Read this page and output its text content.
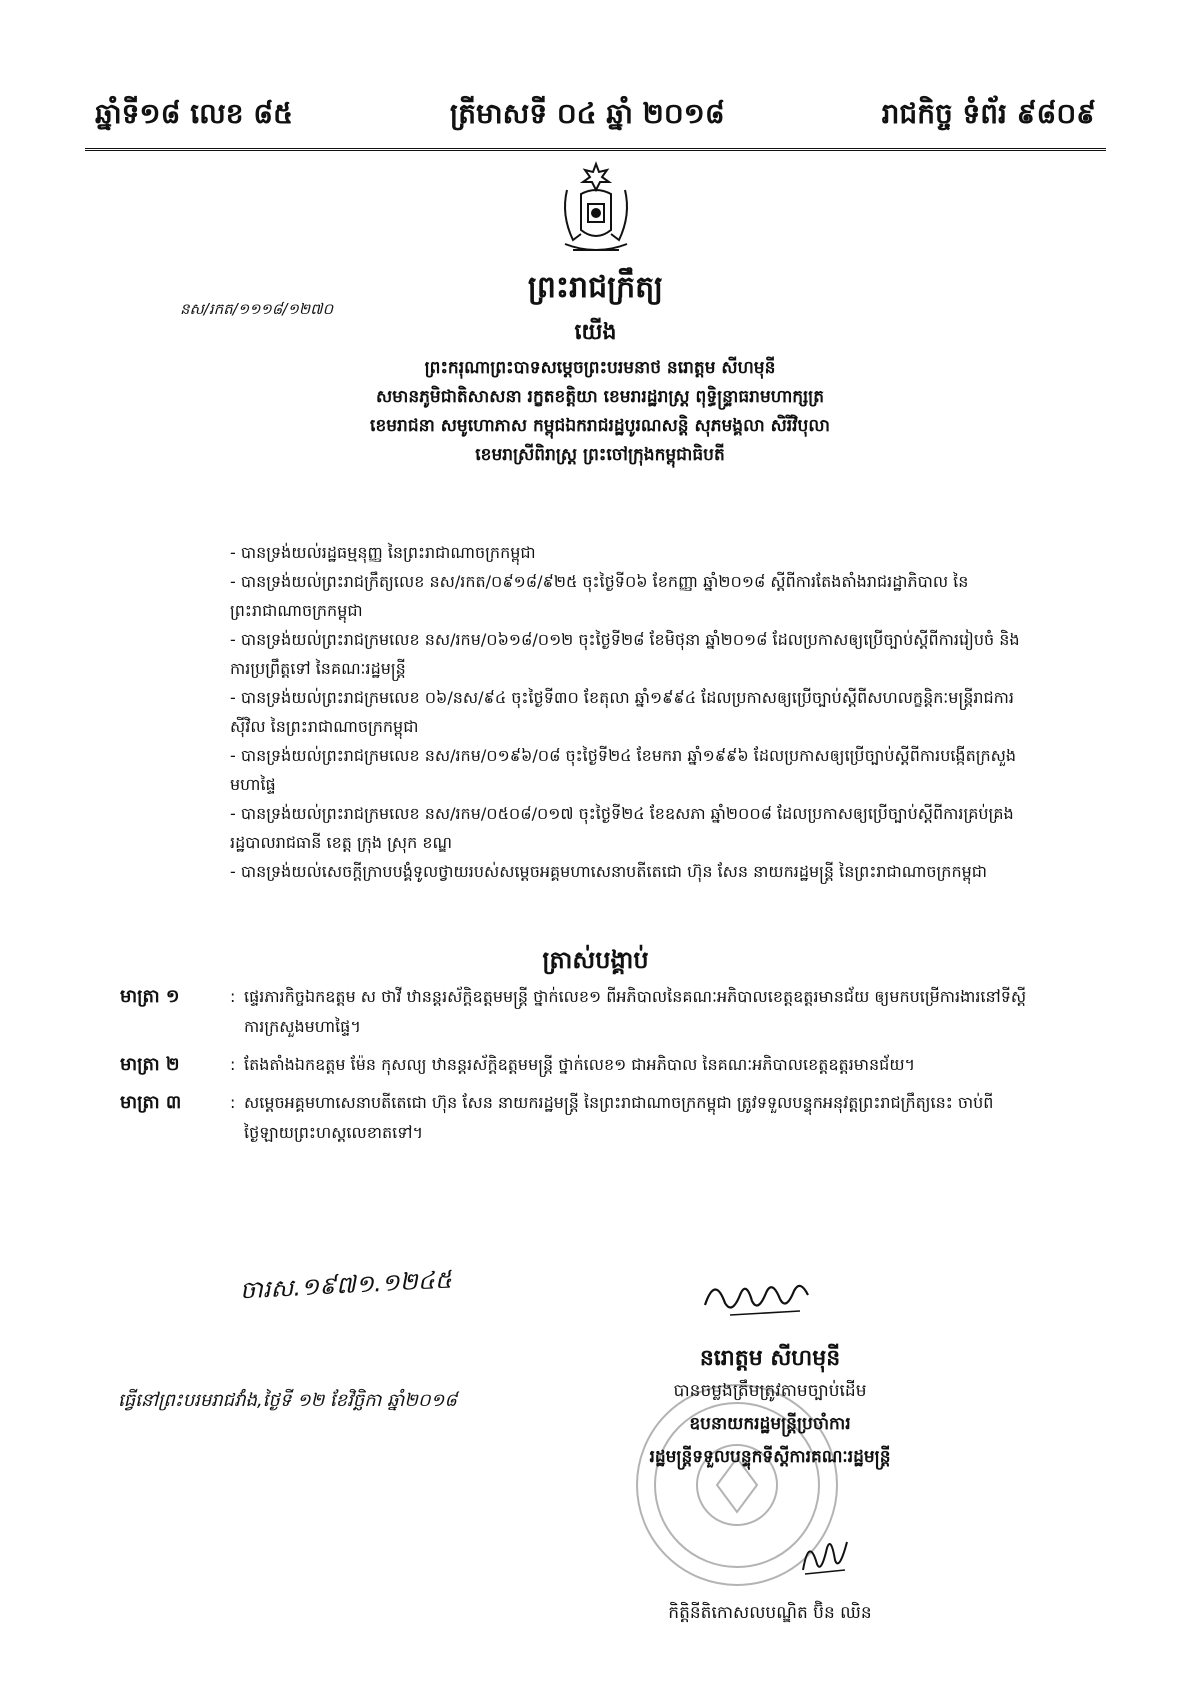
ឆ្នាំទី១៨ លេខ ៨៥	ត្រីមាសទី ០៤ ឆ្នាំ ២០១៨	រាជកិច្ច ទំព័រ ៩៨០៩
នស/រកត/១១១៨/១២៧០
ព្រះរាជក្រឹត្យ
យើង
ព្រះករុណាព្រះបាទសម្តេចព្រះបរមនាថ នរោត្តម សីហមុនី
សមានភូមិជាតិសាសនា រក្ខតខត្តិយា ខេមរារដ្ឋរាស្ត្រ ពុទ្ធិន្ទ្រាធរាមហាក្សត្រ
ខេមរាជនា សមូហោភាស កម្ពុជឯករាជរដ្ឋបូរណសន្តិ សុភមង្គលា សិរីវិបុលា
ខេមរាស្រីពិរាស្ត្រ ព្រះចៅក្រុងកម្ពុជាធិបតី
- បានទ្រង់យល់រដ្ឋធម្មនុញ្ញ នៃព្រះរាជាណាចក្រកម្ពុជា
- បានទ្រង់យល់ព្រះរាជក្រឹត្យលេខ នស/រកត/០៩១៨/៩២៥ ចុះថ្ងៃទី០៦ ខែកញ្ញា ឆ្នាំ២០១៨ ស្តីពីការតែងតាំងរាជរដ្ឋាភិបាល នៃព្រះរាជាណាចក្រកម្ពុជា
- បានទ្រង់យល់ព្រះរាជក្រមលេខ នស/រកម/០៦១៨/០១២ ចុះថ្ងៃទី២៨ ខែមិថុនា ឆ្នាំ២០១៨ ដែលប្រកាសឲ្យប្រើច្បាប់ស្តីពីការរៀបចំ និងការប្រព្រឹត្តទៅ នៃគណៈរដ្ឋមន្ត្រី
- បានទ្រង់យល់ព្រះរាជក្រមលេខ ០៦/នស/៩៤ ចុះថ្ងៃទី៣០ ខែតុលា ឆ្នាំ១៩៩៤ ដែលប្រកាសឲ្យប្រើច្បាប់ស្តីពីសហលក្ខន្តិកៈមន្ត្រីរាជការស៊ីវិល នៃព្រះរាជាណាចក្រកម្ពុជា
- បានទ្រង់យល់ព្រះរាជក្រមលេខ នស/រកម/០១៩៦/០៨ ចុះថ្ងៃទី២៤ ខែមករា ឆ្នាំ១៩៩៦ ដែលប្រកាសឲ្យប្រើច្បាប់ស្តីពីការបង្កើតក្រសួងមហាផ្ទៃ
- បានទ្រង់យល់ព្រះរាជក្រមលេខ នស/រកម/០៥០៨/០១៧ ចុះថ្ងៃទី២៤ ខែឧសភា ឆ្នាំ២០០៨ ដែលប្រកាសឲ្យប្រើច្បាប់ស្តីពីការគ្រប់គ្រងរដ្ឋបាលរាជធានី ខេត្ត ក្រុង ស្រុក ខណ្ឌ
- បានទ្រង់យល់សេចក្តីក្រាបបង្គំទូលថ្វាយរបស់សម្តេចអគ្គមហាសេនាបតីតេជោ ហ៊ុន សែន នាយករដ្ឋមន្ត្រី នៃព្រះរាជាណាចក្រកម្ពុជា
ត្រាស់បង្គាប់
មាត្រា ១	: ផ្ទេរភារកិច្ចឯកឧត្តម ស ថាវី ឋានន្តរស័ក្តិឧត្តមមន្ត្រី ថ្នាក់លេខ១ ពីអភិបាលនៃគណៈអភិបាលខេត្តឧត្តរមានជ័យ ឲ្យមកបម្រើការងារនៅទីស្តីការក្រសួងមហាផ្ទៃ។
មាត្រា ២	: តែងតាំងឯកឧត្តម ម៉ែន កុសល្យ ឋានន្តរស័ក្តិឧត្តមមន្ត្រី ថ្នាក់លេខ១ ជាអភិបាល នៃគណៈអភិបាលខេត្តឧត្តរមានជ័យ។
មាត្រា ៣	: សម្តេចអគ្គមហាសេនាបតីតេជោ ហ៊ុន សែន នាយករដ្ឋមន្ត្រី នៃព្រះរាជាណាចក្រកម្ពុជា ត្រូវទទួលបន្ទុកអនុវត្តព្រះរាជក្រឹត្យនេះ ចាប់ពីថ្ងៃឡាយព្រះហស្តលេខាតទៅ។
ចារស.១៩៧១.១២៤៥
ធ្វើនៅព្រះបរមរាជវាំង,ថ្ងៃទី ១២ ខែវិច្ឆិកា ឆ្នាំ២០១៨
នរោត្តម សីហមុនី
បានចម្លងត្រឹមត្រូវតាមច្បាប់ដើម
ឧបនាយករដ្ឋមន្ត្រីប្រចាំការ
រដ្ឋមន្ត្រីទទួលបន្ទុកទីស្តីការគណៈរដ្ឋមន្ត្រី
កិត្តិនីតិកោសលបណ្ឌិត ប៊ិន ឈិន
